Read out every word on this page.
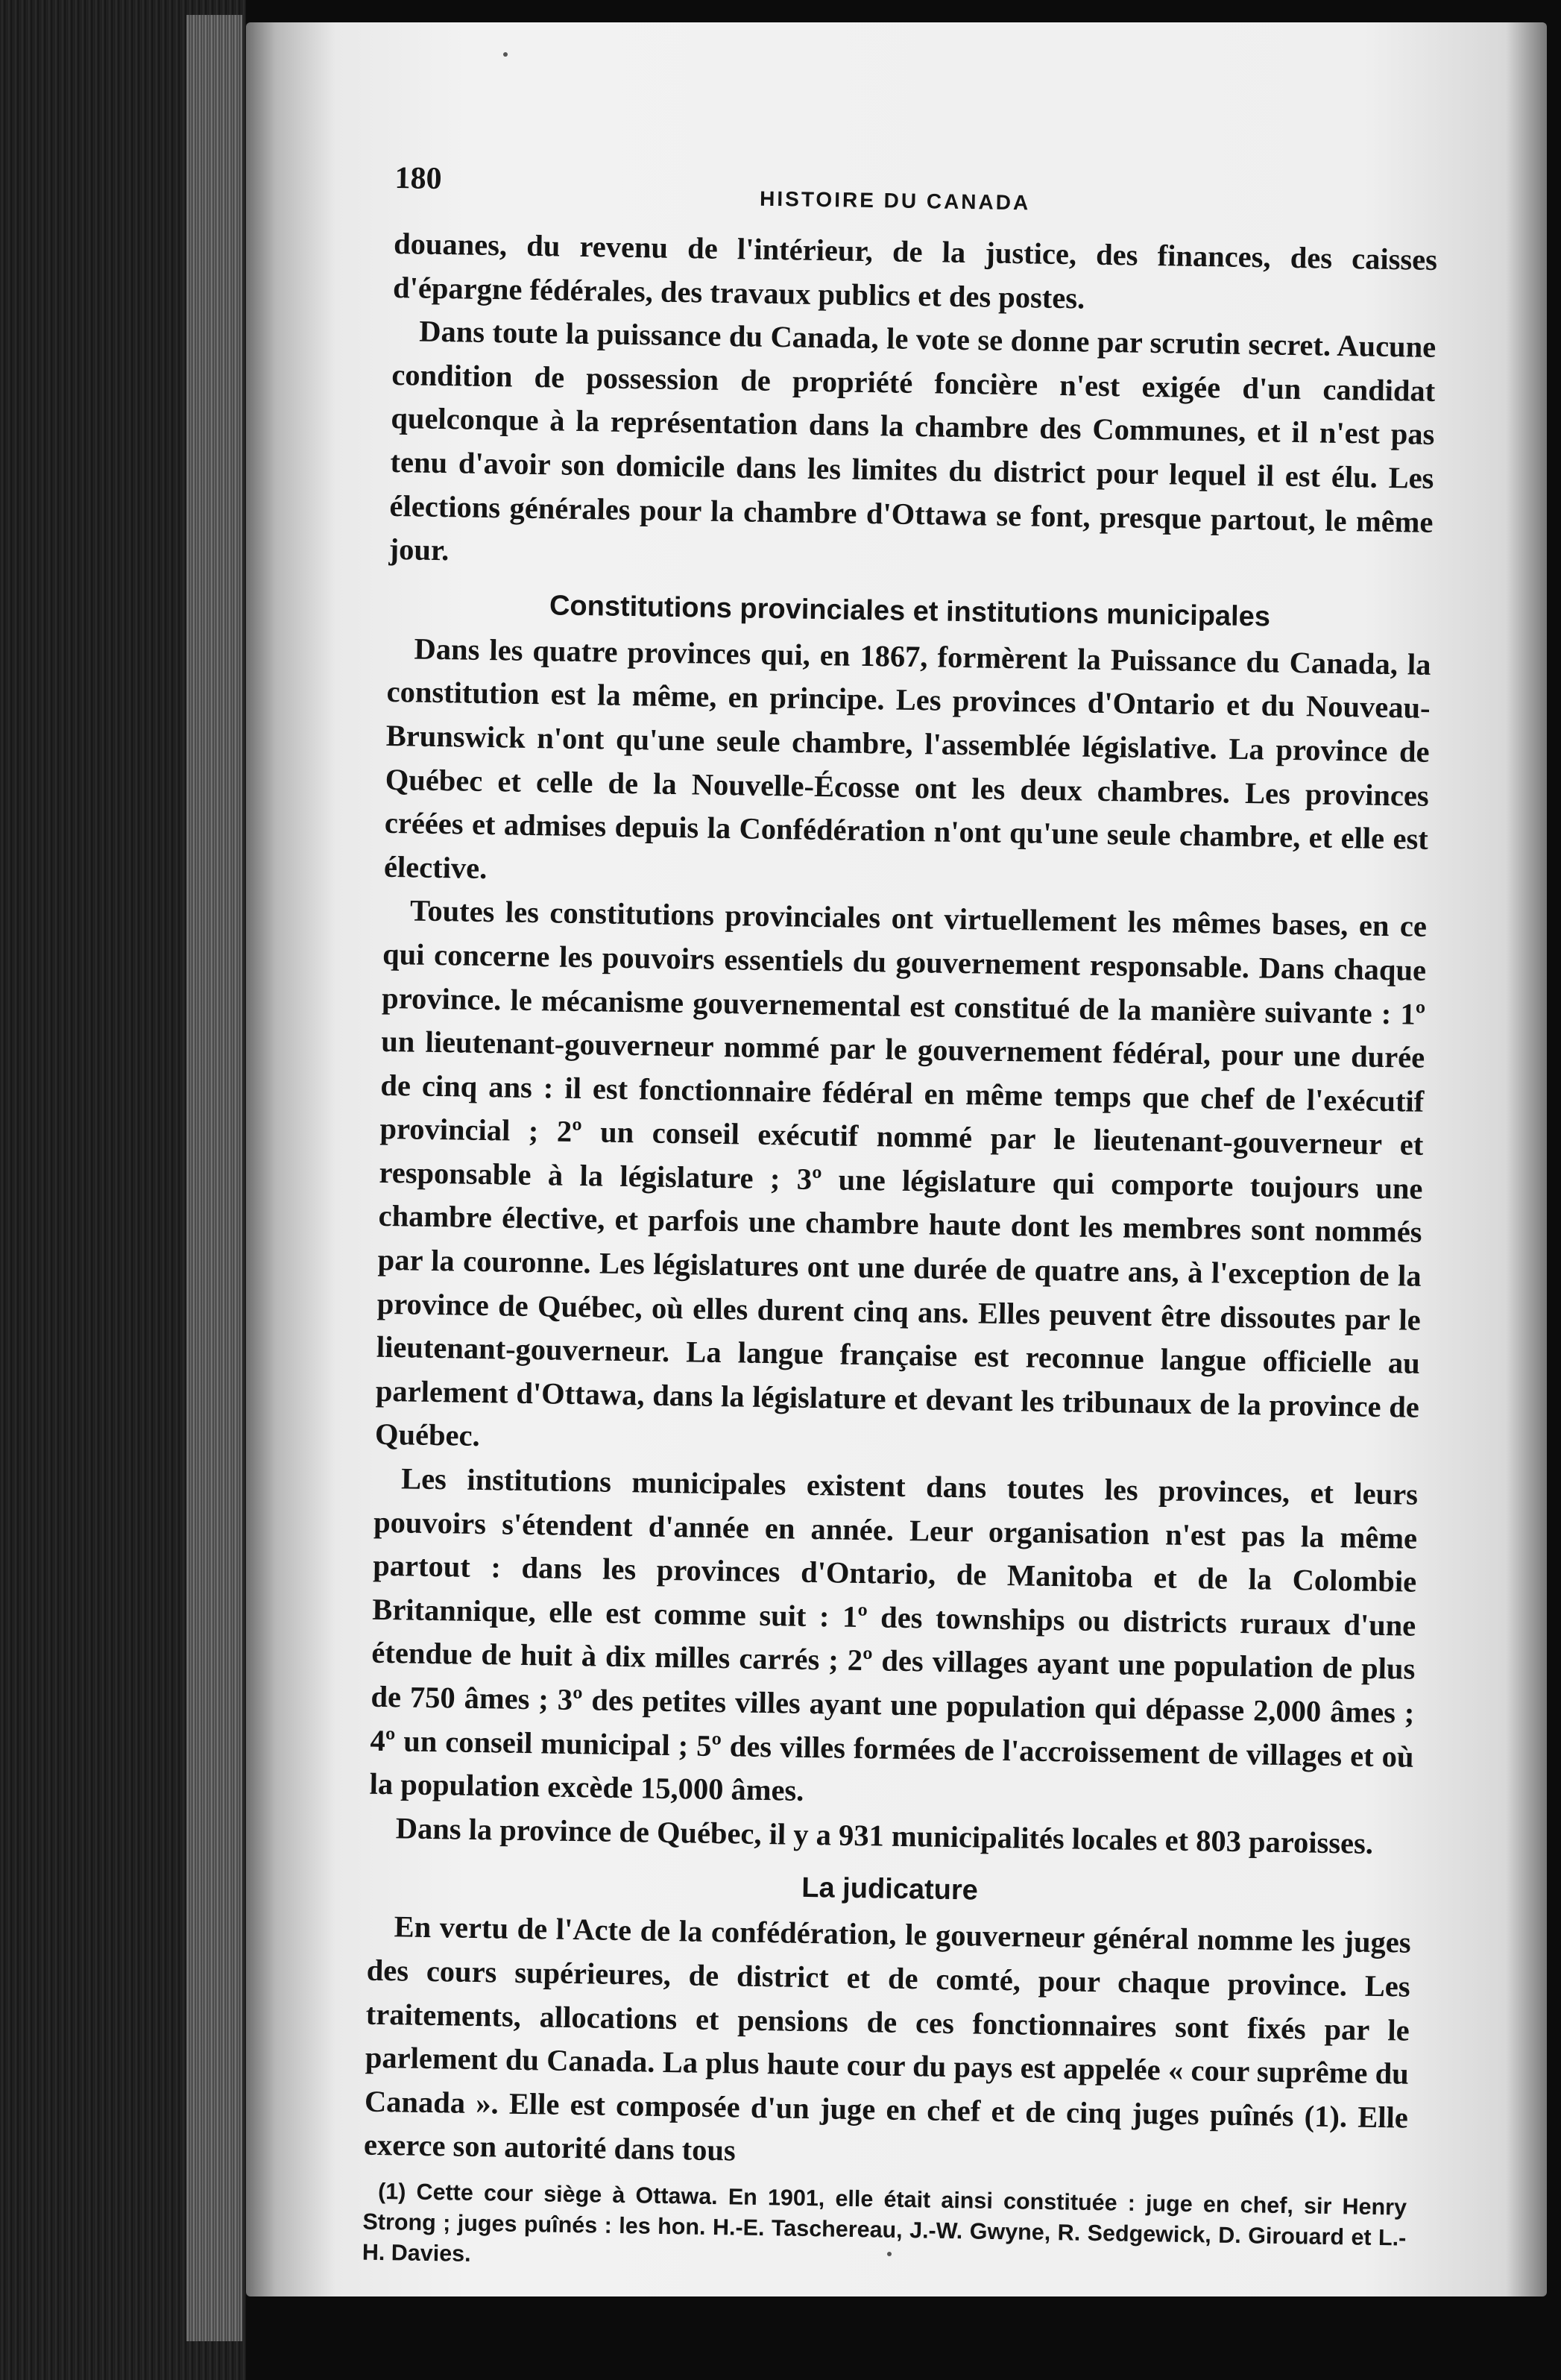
180
HISTOIRE DU CANADA

douanes, du revenu de l'intérieur, de la justice, des finances, des caisses d'épargne fédérales, des travaux publics et des postes.

Dans toute la puissance du Canada, le vote se donne par scrutin secret. Aucune condition de possession de propriété foncière n'est exigée d'un candidat quelconque à la représentation dans la chambre des Communes, et il n'est pas tenu d'avoir son domicile dans les limites du district pour lequel il est élu. Les élections générales pour la chambre d'Ottawa se font, presque partout, le même jour.

Constitutions provinciales et institutions municipales

Dans les quatre provinces qui, en 1867, formèrent la Puissance du Canada, la constitution est la même, en principe. Les provinces d'Ontario et du Nouveau-Brunswick n'ont qu'une seule chambre, l'assemblée législative. La province de Québec et celle de la Nouvelle-Écosse ont les deux chambres. Les provinces créées et admises depuis la Confédération n'ont qu'une seule chambre, et elle est élective.

Toutes les constitutions provinciales ont virtuellement les mêmes bases, en ce qui concerne les pouvoirs essentiels du gouvernement responsable. Dans chaque province. le mécanisme gouvernemental est constitué de la manière suivante : 1º un lieutenant-gouverneur nommé par le gouvernement fédéral, pour une durée de cinq ans : il est fonctionnaire fédéral en même temps que chef de l'exécutif provincial ; 2º un conseil exécutif nommé par le lieutenant-gouverneur et responsable à la législature ; 3º une législature qui comporte toujours une chambre élective, et parfois une chambre haute dont les membres sont nommés par la couronne. Les législatures ont une durée de quatre ans, à l'exception de la province de Québec, où elles durent cinq ans. Elles peuvent être dissoutes par le lieutenant-gouverneur. La langue française est reconnue langue officielle au parlement d'Ottawa, dans la législature et devant les tribunaux de la province de Québec.

Les institutions municipales existent dans toutes les provinces, et leurs pouvoirs s'étendent d'année en année. Leur organisation n'est pas la même partout : dans les provinces d'Ontario, de Manitoba et de la Colombie Britannique, elle est comme suit : 1º des townships ou districts ruraux d'une étendue de huit à dix milles carrés ; 2º des villages ayant une population de plus de 750 âmes ; 3º des petites villes ayant une population qui dépasse 2,000 âmes ; 4º un conseil municipal ; 5º des villes formées de l'accroissement de villages et où la population excède 15,000 âmes.

Dans la province de Québec, il y a 931 municipalités locales et 803 paroisses.

La judicature

En vertu de l'Acte de la confédération, le gouverneur général nomme les juges des cours supérieures, de district et de comté, pour chaque province. Les traitements, allocations et pensions de ces fonctionnaires sont fixés par le parlement du Canada. La plus haute cour du pays est appelée « cour suprême du Canada ». Elle est composée d'un juge en chef et de cinq juges puînés (1). Elle exerce son autorité dans tous

(1) Cette cour siège à Ottawa. En 1901, elle était ainsi constituée : juge en chef, sir Henry Strong ; juges puînés : les hon. H.-E. Taschereau, J.-W. Gwyne, R. Sedgewick, D. Girouard et L.-H. Davies.
